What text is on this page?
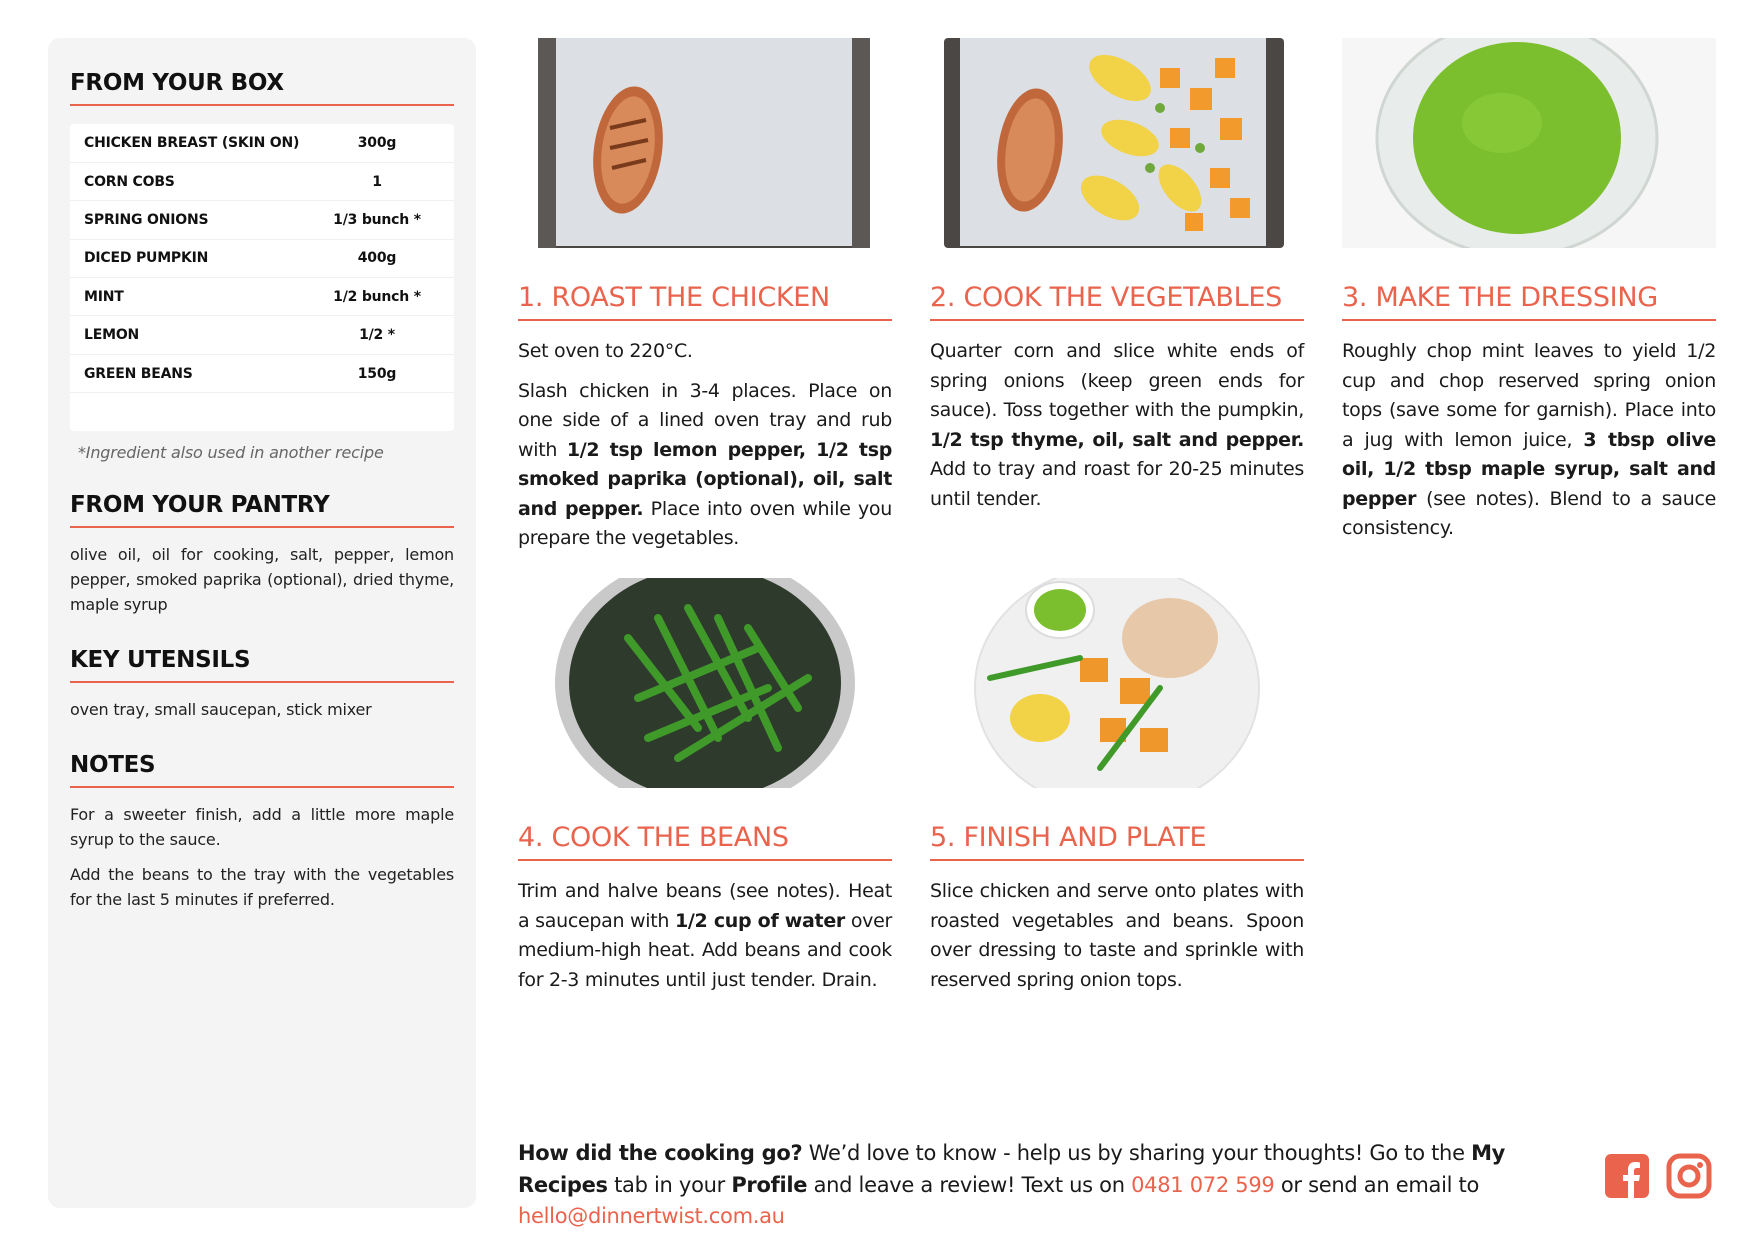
FROM YOUR BOX
CHICKEN BREAST (SKIN ON)	300g
CORN COBS	1
SPRING ONIONS	1/3 bunch *
DICED PUMPKIN	400g
MINT	1/2 bunch *
LEMON	1/2 *
GREEN BEANS	150g

*Ingredient also used in another recipe
FROM YOUR PANTRY
olive oil, oil for cooking, salt, pepper, lemon pepper, smoked paprika (optional), dried thyme, maple syrup
KEY UTENSILS
oven tray, small saucepan, stick mixer
NOTES
For a sweeter finish, add a little more maple syrup to the sauce.
Add the beans to the tray with the vegetables for the last 5 minutes if preferred.
1. ROAST THE CHICKEN

Set oven to 220°C.

Slash chicken in 3-4 places. Place on one side of a lined oven tray and rub with 1/2 tsp lemon pepper, 1/2 tsp smoked paprika (optional), oil, salt and pepper. Place into oven while you prepare the vegetables.

2. COOK THE VEGETABLES

Quarter corn and slice white ends of spring onions (keep green ends for sauce). Toss together with the pumpkin, 1/2 tsp thyme, oil, salt and pepper. Add to tray and roast for 20-25 minutes until tender.

3. MAKE THE DRESSING

Roughly chop mint leaves to yield 1/2 cup and chop reserved spring onion tops (save some for garnish). Place into a jug with lemon juice, 3 tbsp olive oil, 1/2 tbsp maple syrup, salt and pepper (see notes). Blend to a sauce consistency.

4. COOK THE BEANS

Trim and halve beans (see notes). Heat a saucepan with 1/2 cup of water over medium-high heat. Add beans and cook for 2-3 minutes until just tender. Drain.

5. FINISH AND PLATE

Slice chicken and serve onto plates with roasted vegetables and beans. Spoon over dressing to taste and sprinkle with reserved spring onion tops.

How did the cooking go? We’d love to know - help us by sharing your thoughts! Go to the My Recipes tab in your Profile and leave a review! Text us on 0481 072 599 or send an email to hello@dinnertwist.com.au
